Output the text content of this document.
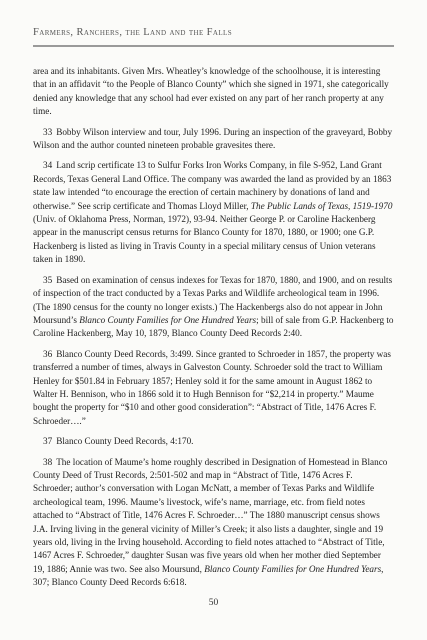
Farmers, Ranchers, the Land and the Falls

area and its inhabitants. Given Mrs. Wheatley’s knowledge of the schoolhouse, it is interesting that in an affidavit “to the People of Blanco County” which she signed in 1971, she categorically denied any knowledge that any school had ever existed on any part of her ranch property at any time.

33 Bobby Wilson interview and tour, July 1996. During an inspection of the graveyard, Bobby Wilson and the author counted nineteen probable gravesites there.

34 Land scrip certificate 13 to Sulfur Forks Iron Works Company, in file S-952, Land Grant Records, Texas General Land Office. The company was awarded the land as provided by an 1863 state law intended “to encourage the erection of certain machinery by donations of land and otherwise.” See scrip certificate and Thomas Lloyd Miller, The Public Lands of Texas, 1519-1970 (Univ. of Oklahoma Press, Norman, 1972), 93-94. Neither George P. or Caroline Hackenberg appear in the manuscript census returns for Blanco County for 1870, 1880, or 1900; one G.P. Hackenberg is listed as living in Travis County in a special military census of Union veterans taken in 1890.

35 Based on examination of census indexes for Texas for 1870, 1880, and 1900, and on results of inspection of the tract conducted by a Texas Parks and Wildlife archeological team in 1996. (The 1890 census for the county no longer exists.) The Hackenbergs also do not appear in John Moursund’s Blanco County Families for One Hundred Years; bill of sale from G.P. Hackenberg to Caroline Hackenberg, May 10, 1879, Blanco County Deed Records 2:40.

36 Blanco County Deed Records, 3:499. Since granted to Schroeder in 1857, the property was transferred a number of times, always in Galveston County. Schroeder sold the tract to William Henley for $501.84 in February 1857; Henley sold it for the same amount in August 1862 to Walter H. Bennison, who in 1866 sold it to Hugh Bennison for “$2,214 in property.” Maume bought the property for “$10 and other good consideration”: “Abstract of Title, 1476 Acres F. Schroeder….”

37 Blanco County Deed Records, 4:170.

38 The location of Maume’s home roughly described in Designation of Homestead in Blanco County Deed of Trust Records, 2:501-502 and map in “Abstract of Title, 1476 Acres F. Schroeder; author’s conversation with Logan McNatt, a member of Texas Parks and Wildlife archeological team, 1996. Maume’s livestock, wife’s name, marriage, etc. from field notes attached to “Abstract of Title, 1476 Acres F. Schroeder…” The 1880 manuscript census shows J.A. Irving living in the general vicinity of Miller’s Creek; it also lists a daughter, single and 19 years old, living in the Irving household. According to field notes attached to “Abstract of Title, 1467 Acres F. Schroeder,” daughter Susan was five years old when her mother died September 19, 1886; Annie was two. See also Moursund, Blanco County Families for One Hundred Years, 307; Blanco County Deed Records 6:618.

50
